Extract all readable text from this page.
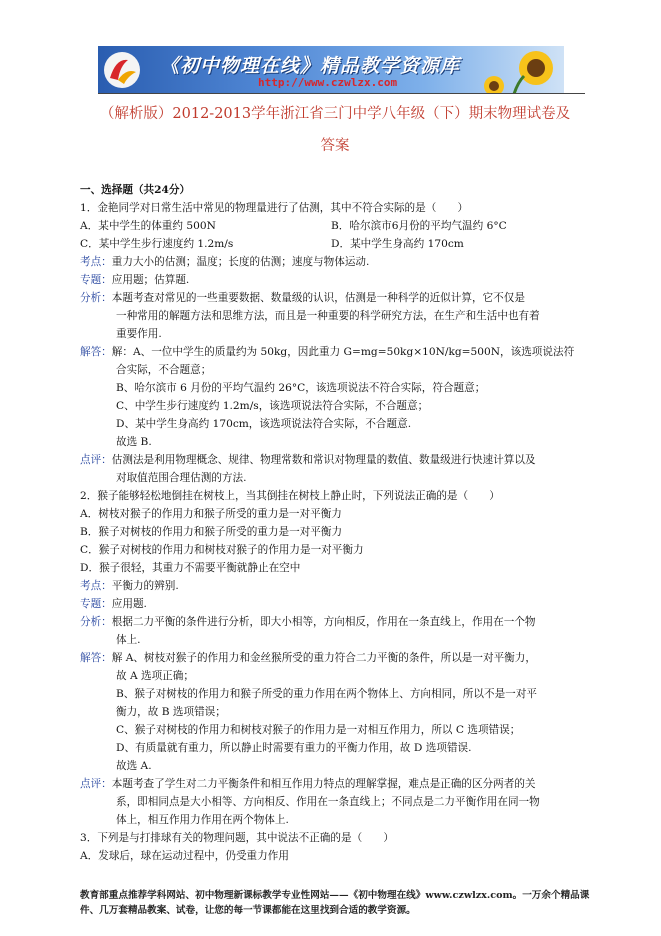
《初中物理在线》精品教学资源库
http://www.czwlzx.com
（解析版）2012-2013学年浙江省三门中学八年级（下）期末物理试卷及
答案
一、选择题（共24分）
1．金艳同学对日常生活中常见的物理量进行了估测，其中不符合实际的是（　　）
A．某中学生的体重约 500N	B．哈尔滨市6月份的平均气温约 6°C
C．某中学生步行速度约 1.2m/s	D．某中学生身高约 170cm
考点：重力大小的估测；温度；长度的估测；速度与物体运动.
专题：应用题；估算题.
分析：本题考查对常见的一些重要数据、数量级的认识，估测是一种科学的近似计算，它不仅是
一种常用的解题方法和思维方法，而且是一种重要的科学研究方法，在生产和生活中也有着
重要作用.
解答：解：A、一位中学生的质量约为 50kg，因此重力 G=mg=50kg×10N/kg=500N，该选项说法符
合实际，不合题意；
B、哈尔滨市 6 月份的平均气温约 26°C，该选项说法不符合实际，符合题意；
C、中学生步行速度约 1.2m/s，该选项说法符合实际，不合题意；
D、某中学生身高约 170cm，该选项说法符合实际，不合题意.
故选 B.
点评：估测法是利用物理概念、规律、物理常数和常识对物理量的数值、数量级进行快速计算以及
对取值范围合理估测的方法.
2．猴子能够轻松地倒挂在树枝上，当其倒挂在树枝上静止时，下列说法正确的是（　　）
A．树枝对猴子的作用力和猴子所受的重力是一对平衡力
B．猴子对树枝的作用力和猴子所受的重力是一对平衡力
C．猴子对树枝的作用力和树枝对猴子的作用力是一对平衡力
D．猴子很轻，其重力不需要平衡就静止在空中
考点：平衡力的辨别.
专题：应用题.
分析：根据二力平衡的条件进行分析，即大小相等，方向相反，作用在一条直线上，作用在一个物
体上.
解答：解 A、树枝对猴子的作用力和金丝猴所受的重力符合二力平衡的条件，所以是一对平衡力，
故 A 选项正确；
B、猴子对树枝的作用力和猴子所受的重力作用在两个物体上、方向相同，所以不是一对平
衡力，故 B 选项错误；
C、猴子对树枝的作用力和树枝对猴子的作用力是一对相互作用力，所以 C 选项错误；
D、有质量就有重力，所以静止时需要有重力的平衡力作用，故 D 选项错误.
故选 A.
点评：本题考查了学生对二力平衡条件和相互作用力特点的理解掌握，难点是正确的区分两者的关
系，即相同点是大小相等、方向相反、作用在一条直线上；不同点是二力平衡作用在同一物
体上，相互作用力作用在两个物体上.
3．下列是与打排球有关的物理问题，其中说法不正确的是（　　）
A．发球后，球在运动过程中，仍受重力作用
教育部重点推荐学科网站、初中物理新课标教学专业性网站——《初中物理在线》www.czwlzx.com。一万余个精品课
件、几万套精品教案、试卷，让您的每一节课都能在这里找到合适的教学资源。
